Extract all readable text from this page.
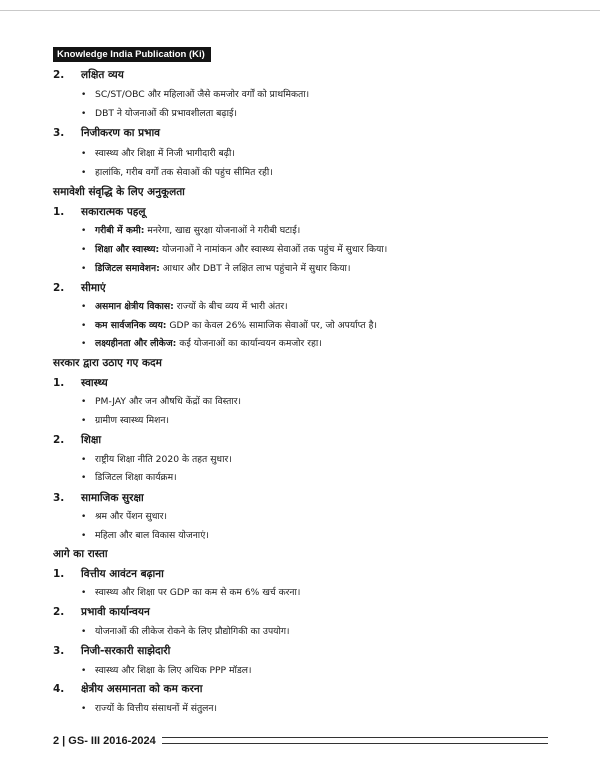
Knowledge India Publication (Ki)
2. लक्षित व्यय
• SC/ST/OBC और महिलाओं जैसे कमजोर वर्गों को प्राथमिकता।
• DBT ने योजनाओं की प्रभावशीलता बढ़ाई।
3. निजीकरण का प्रभाव
• स्वास्थ्य और शिक्षा में निजी भागीदारी बढ़ी।
• हालांकि, गरीब वर्गों तक सेवाओं की पहुंच सीमित रही।
समावेशी संवृद्धि के लिए अनुकूलता
1. सकारात्मक पहलू
• गरीबी में कमी: मनरेगा, खाद्य सुरक्षा योजनाओं ने गरीबी घटाई।
• शिक्षा और स्वास्थ्य: योजनाओं ने नामांकन और स्वास्थ्य सेवाओं तक पहुंच में सुधार किया।
• डिजिटल समावेशन: आधार और DBT ने लक्षित लाभ पहुंचाने में सुधार किया।
2. सीमाएं
• असमान क्षेत्रीय विकास: राज्यों के बीच व्यय में भारी अंतर।
• कम सार्वजनिक व्यय: GDP का केवल 26% सामाजिक सेवाओं पर, जो अपर्याप्त है।
• लक्ष्यहीनता और लीकेज: कई योजनाओं का कार्यान्वयन कमजोर रहा।
सरकार द्वारा उठाए गए कदम
1. स्वास्थ्य
• PM-JAY और जन औषधि केंद्रों का विस्तार।
• ग्रामीण स्वास्थ्य मिशन।
2. शिक्षा
• राष्ट्रीय शिक्षा नीति 2020 के तहत सुधार।
• डिजिटल शिक्षा कार्यक्रम।
3. सामाजिक सुरक्षा
• श्रम और पेंशन सुधार।
• महिला और बाल विकास योजनाएं।
आगे का रास्ता
1. वित्तीय आवंटन बढ़ाना
• स्वास्थ्य और शिक्षा पर GDP का कम से कम 6% खर्च करना।
2. प्रभावी कार्यान्वयन
• योजनाओं की लीकेज रोकने के लिए प्रौद्योगिकी का उपयोग।
3. निजी-सरकारी साझेदारी
• स्वास्थ्य और शिक्षा के लिए अधिक PPP मॉडल।
4. क्षेत्रीय असमानता को कम करना
• राज्यों के वित्तीय संसाधनों में संतुलन।
2 | GS- III 2016-2024
